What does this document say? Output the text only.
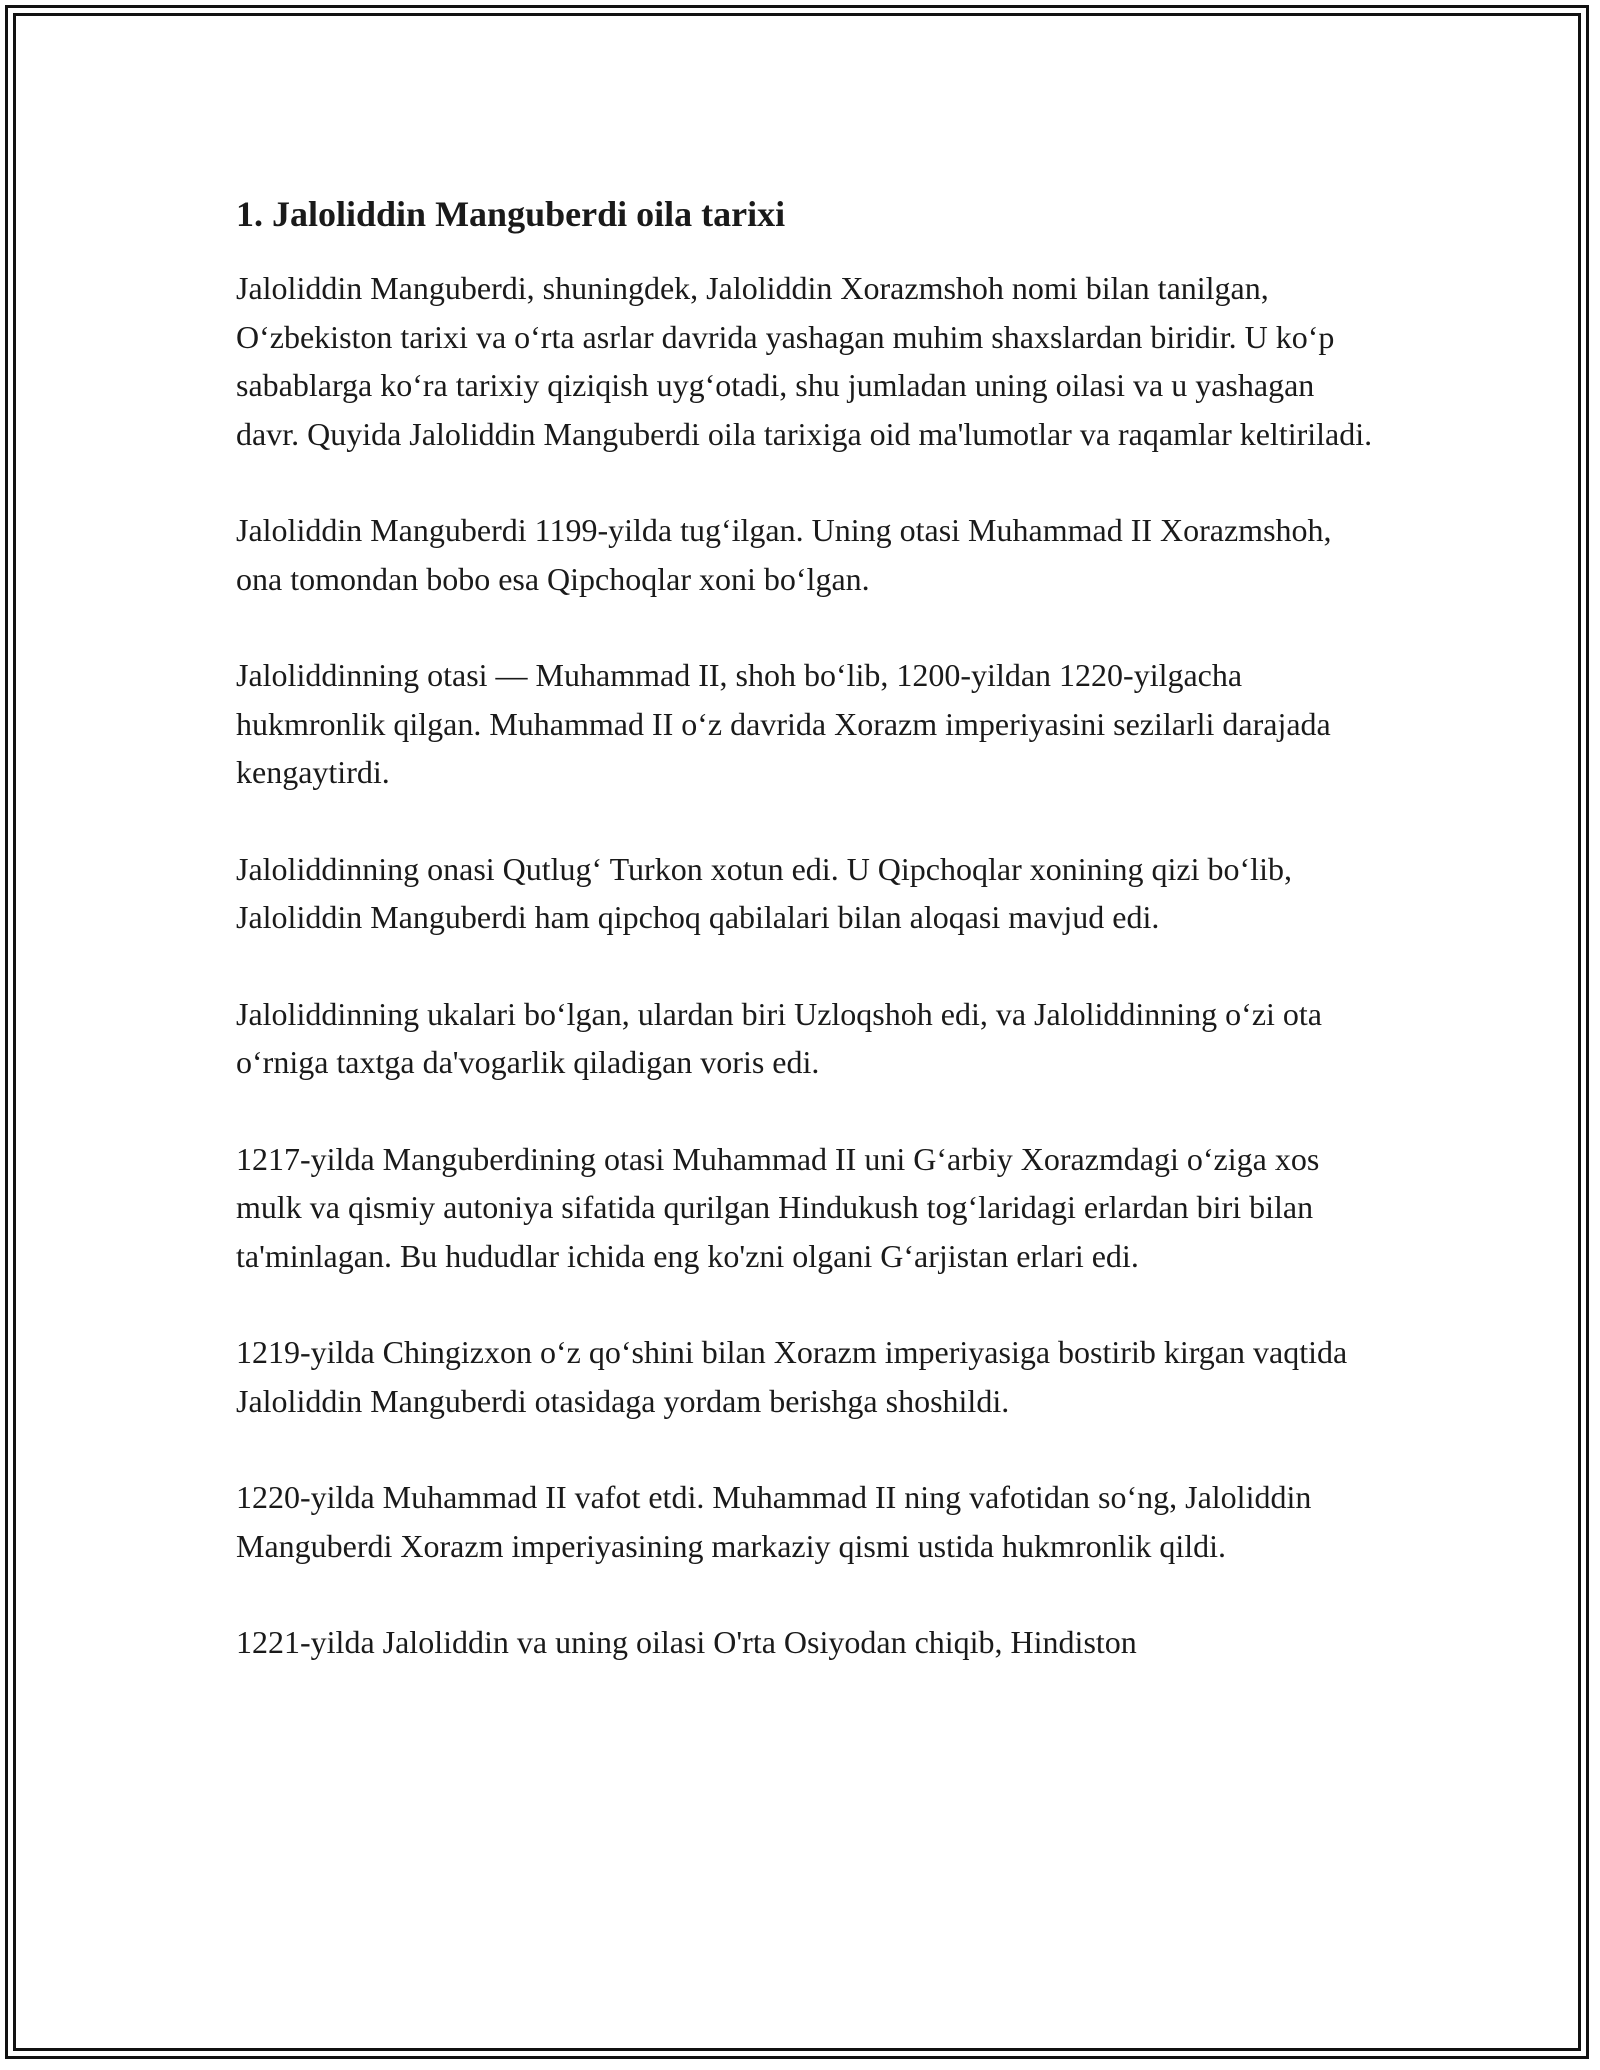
1. Jaloliddin Manguberdi oila tarixi

Jaloliddin Manguberdi, shuningdek, Jaloliddin Xorazmshoh nomi bilan tanilgan, O‘zbekiston tarixi va o‘rta asrlar davrida yashagan muhim shaxslardan biridir. U ko‘p sabablarga ko‘ra tarixiy qiziqish uyg‘otadi, shu jumladan uning oilasi va u yashagan davr. Quyida Jaloliddin Manguberdi oila tarixiga oid ma'lumotlar va raqamlar keltiriladi.

Jaloliddin Manguberdi 1199-yilda tug‘ilgan. Uning otasi Muhammad II Xorazmshoh, ona tomondan bobo esa Qipchoqlar xoni bo‘lgan.

Jaloliddinning otasi — Muhammad II, shoh bo‘lib, 1200-yildan 1220-yilgacha hukmronlik qilgan. Muhammad II o‘z davrida Xorazm imperiyasini sezilarli darajada kengaytirdi.

Jaloliddinning onasi Qutlug‘ Turkon xotun edi. U Qipchoqlar xonining qizi bo‘lib, Jaloliddin Manguberdi ham qipchoq qabilalari bilan aloqasi mavjud edi.

Jaloliddinning ukalari bo‘lgan, ulardan biri Uzloqshoh edi, va Jaloliddinning o‘zi ota o‘rniga taxtga da'vogarlik qiladigan voris edi.

1217-yilda Manguberdining otasi Muhammad II uni G‘arbiy Xorazmdagi o‘ziga xos mulk va qismiy autoniya sifatida qurilgan Hindukush tog‘laridagi erlardan biri bilan ta'minlagan. Bu hududlar ichida eng ko'zni olgani G‘arjistan erlari edi.

1219-yilda Chingizxon o‘z qo‘shini bilan Xorazm imperiyasiga bostirib kirgan vaqtida Jaloliddin Manguberdi otasidaga yordam berishga shoshildi.

1220-yilda Muhammad II vafot etdi. Muhammad II ning vafotidan so‘ng, Jaloliddin Manguberdi Xorazm imperiyasining markaziy qismi ustida hukmronlik qildi.

1221-yilda Jaloliddin va uning oilasi O'rta Osiyodan chiqib, Hindiston
